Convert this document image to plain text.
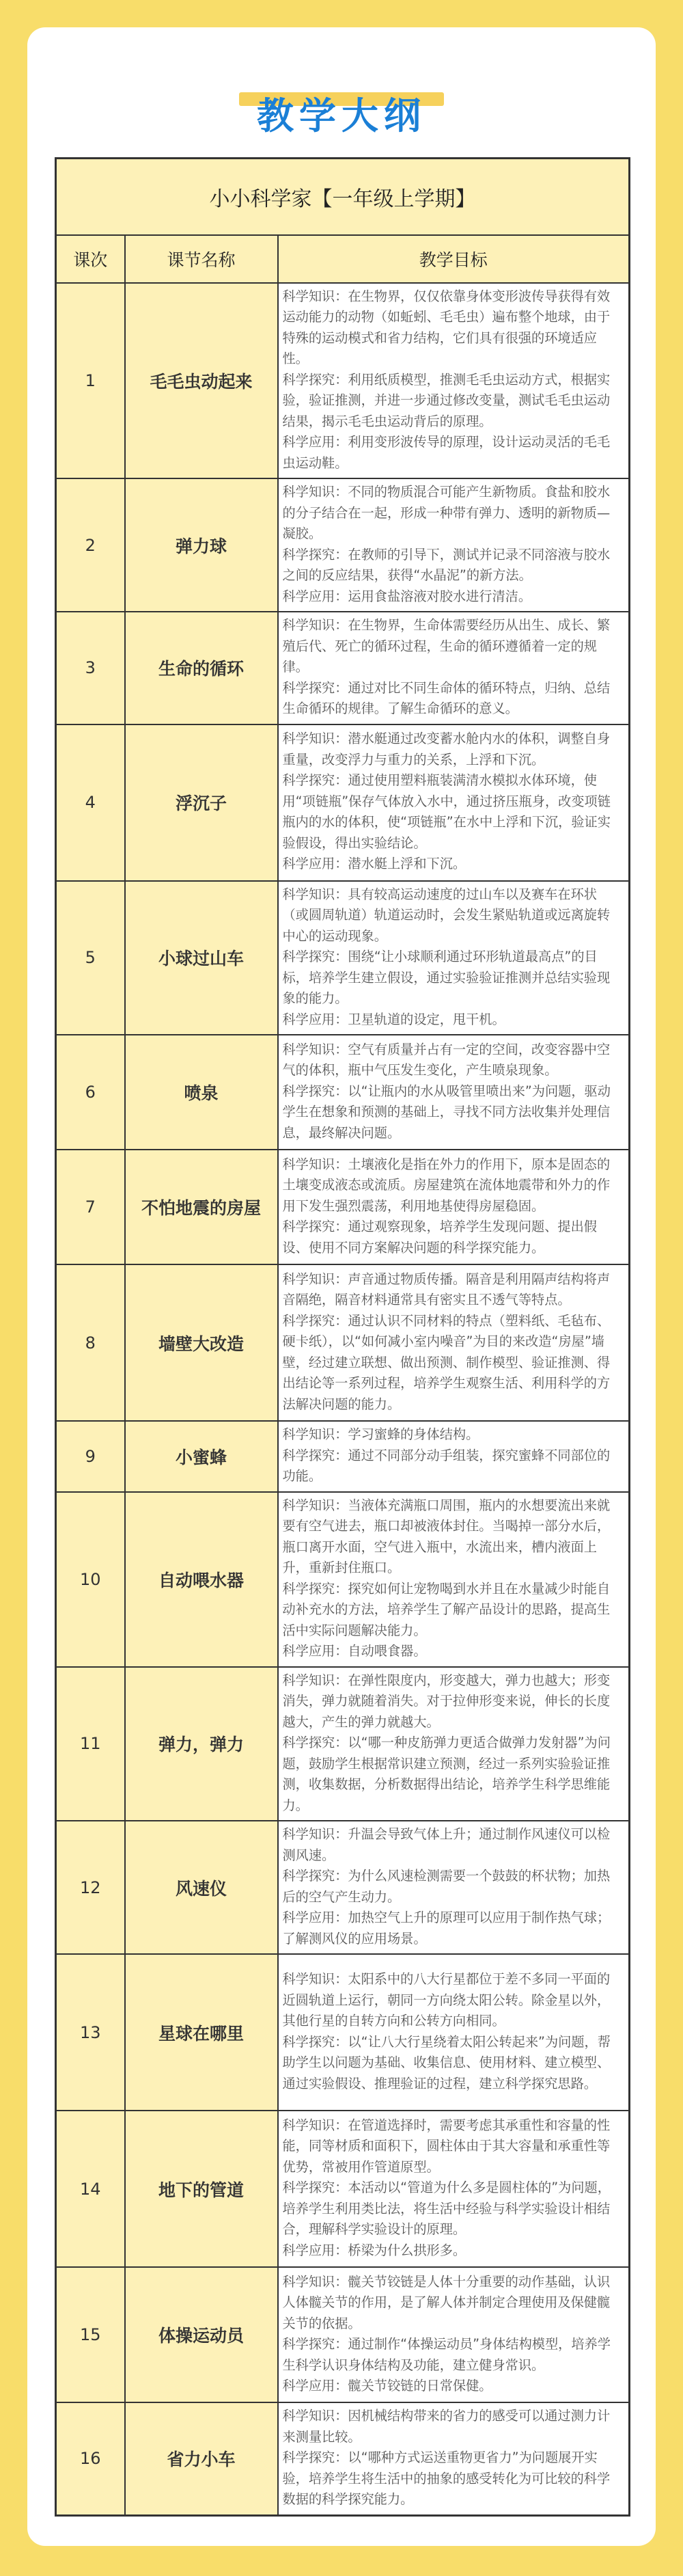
教学大纲
小小科学家【一年级上学期】		
课次	课节名称	教学目标
1	毛毛虫动起来	科学知识：在生物界，仅仅依靠身体变形波传导获得有效运动能力的动物（如蚯蚓、毛毛虫）遍布整个地球，由于特殊的运动模式和省力结构，它们具有很强的环境适应性。
科学探究：利用纸质模型，推测毛毛虫运动方式，根据实验，验证推测，并进一步通过修改变量，测试毛毛虫运动结果，揭示毛毛虫运动背后的原理。
科学应用：利用变形波传导的原理，设计运动灵活的毛毛虫运动鞋。

2	弹力球	科学知识：不同的物质混合可能产生新物质。食盐和胶水的分子结合在一起，形成一种带有弹力、透明的新物质—凝胶。
科学探究：在教师的引导下，测试并记录不同溶液与胶水之间的反应结果，获得“水晶泥”的新方法。
科学应用：运用食盐溶液对胶水进行清洁。

3	生命的循环	科学知识：在生物界，生命体需要经历从出生、成长、繁殖后代、死亡的循环过程，生命的循环遵循着一定的规律。
科学探究：通过对比不同生命体的循环特点，归纳、总结生命循环的规律。了解生命循环的意义。

4	浮沉子	科学知识：潜水艇通过改变蓄水舱内水的体积，调整自身重量，改变浮力与重力的关系，上浮和下沉。
科学探究：通过使用塑料瓶装满清水模拟水体环境，使用“项链瓶”保存气体放入水中，通过挤压瓶身，改变项链瓶内的水的体积，使“项链瓶”在水中上浮和下沉，验证实验假设，得出实验结论。
科学应用：潜水艇上浮和下沉。

5	小球过山车	科学知识：具有较高运动速度的过山车以及赛车在环状（或圆周轨道）轨道运动时，会发生紧贴轨道或远离旋转中心的运动现象。
科学探究：围绕“让小球顺利通过环形轨道最高点”的目标，培养学生建立假设，通过实验验证推测并总结实验现象的能力。
科学应用：卫星轨道的设定，甩干机。

6	喷泉	科学知识：空气有质量并占有一定的空间，改变容器中空气的体积，瓶中气压发生变化，产生喷泉现象。
科学探究：以“让瓶内的水从吸管里喷出来”为问题，驱动学生在想象和预测的基础上，寻找不同方法收集并处理信息，最终解决问题。

7	不怕地震的房屋	科学知识：土壤液化是指在外力的作用下，原本是固态的土壤变成液态或流质。房屋建筑在流体地震带和外力的作用下发生强烈震荡，利用地基使得房屋稳固。
科学探究：通过观察现象，培养学生发现问题、提出假设、使用不同方案解决问题的科学探究能力。

8	墙壁大改造	科学知识：声音通过物质传播。隔音是利用隔声结构将声音隔绝，隔音材料通常具有密实且不透气等特点。
科学探究：通过认识不同材料的特点（塑料纸、毛毡布、硬卡纸），以“如何减小室内噪音”为目的来改造“房屋”墙壁，经过建立联想、做出预测、制作模型、验证推测、得出结论等一系列过程，培养学生观察生活、利用科学的方法解决问题的能力。

9	小蜜蜂	科学知识：学习蜜蜂的身体结构。
科学探究：通过不同部分动手组装，探究蜜蜂不同部位的功能。

10	自动喂水器	科学知识：当液体充满瓶口周围，瓶内的水想要流出来就要有空气进去，瓶口却被液体封住。当喝掉一部分水后，瓶口离开水面，空气进入瓶中，水流出来，槽内液面上升，重新封住瓶口。
科学探究：探究如何让宠物喝到水并且在水量减少时能自动补充水的方法，培养学生了解产品设计的思路，提高生活中实际问题解决能力。
科学应用：自动喂食器。

11	弹力，弹力	科学知识：在弹性限度内，形变越大，弹力也越大；形变消失，弹力就随着消失。对于拉伸形变来说，伸长的长度越大，产生的弹力就越大。
科学探究：以“哪一种皮筋弹力更适合做弹力发射器”为问题，鼓励学生根据常识建立预测，经过一系列实验验证推测，收集数据，分析数据得出结论，培养学生科学思维能力。

12	风速仪	科学知识：升温会导致气体上升；通过制作风速仪可以检测风速。
科学探究：为什么风速检测需要一个鼓鼓的杯状物；加热后的空气产生动力。
科学应用：加热空气上升的原理可以应用于制作热气球；了解测风仪的应用场景。

13	星球在哪里	科学知识：太阳系中的八大行星都位于差不多同一平面的近圆轨道上运行，朝同一方向绕太阳公转。除金星以外，其他行星的自转方向和公转方向相同。
科学探究：以“让八大行星绕着太阳公转起来”为问题，帮助学生以问题为基础、收集信息、使用材料、建立模型、通过实验假设、推理验证的过程，建立科学探究思路。

14	地下的管道	科学知识：在管道选择时，需要考虑其承重性和容量的性能，同等材质和面积下，圆柱体由于其大容量和承重性等优势，常被用作管道原型。
科学探究：本活动以“管道为什么多是圆柱体的”为问题，培养学生利用类比法，将生活中经验与科学实验设计相结合，理解科学实验设计的原理。
科学应用：桥梁为什么拱形多。

15	体操运动员	科学知识：髋关节铰链是人体十分重要的动作基础，认识人体髋关节的作用，是了解人体并制定合理使用及保健髋关节的依据。
科学探究：通过制作“体操运动员”身体结构模型，培养学生科学认识身体结构及功能，建立健身常识。
科学应用：髋关节铰链的日常保健。

16	省力小车	科学知识：因机械结构带来的省力的感受可以通过测力计来测量比较。
科学探究：以“哪种方式运送重物更省力”为问题展开实验，培养学生将生活中的抽象的感受转化为可比较的科学数据的科学探究能力。
